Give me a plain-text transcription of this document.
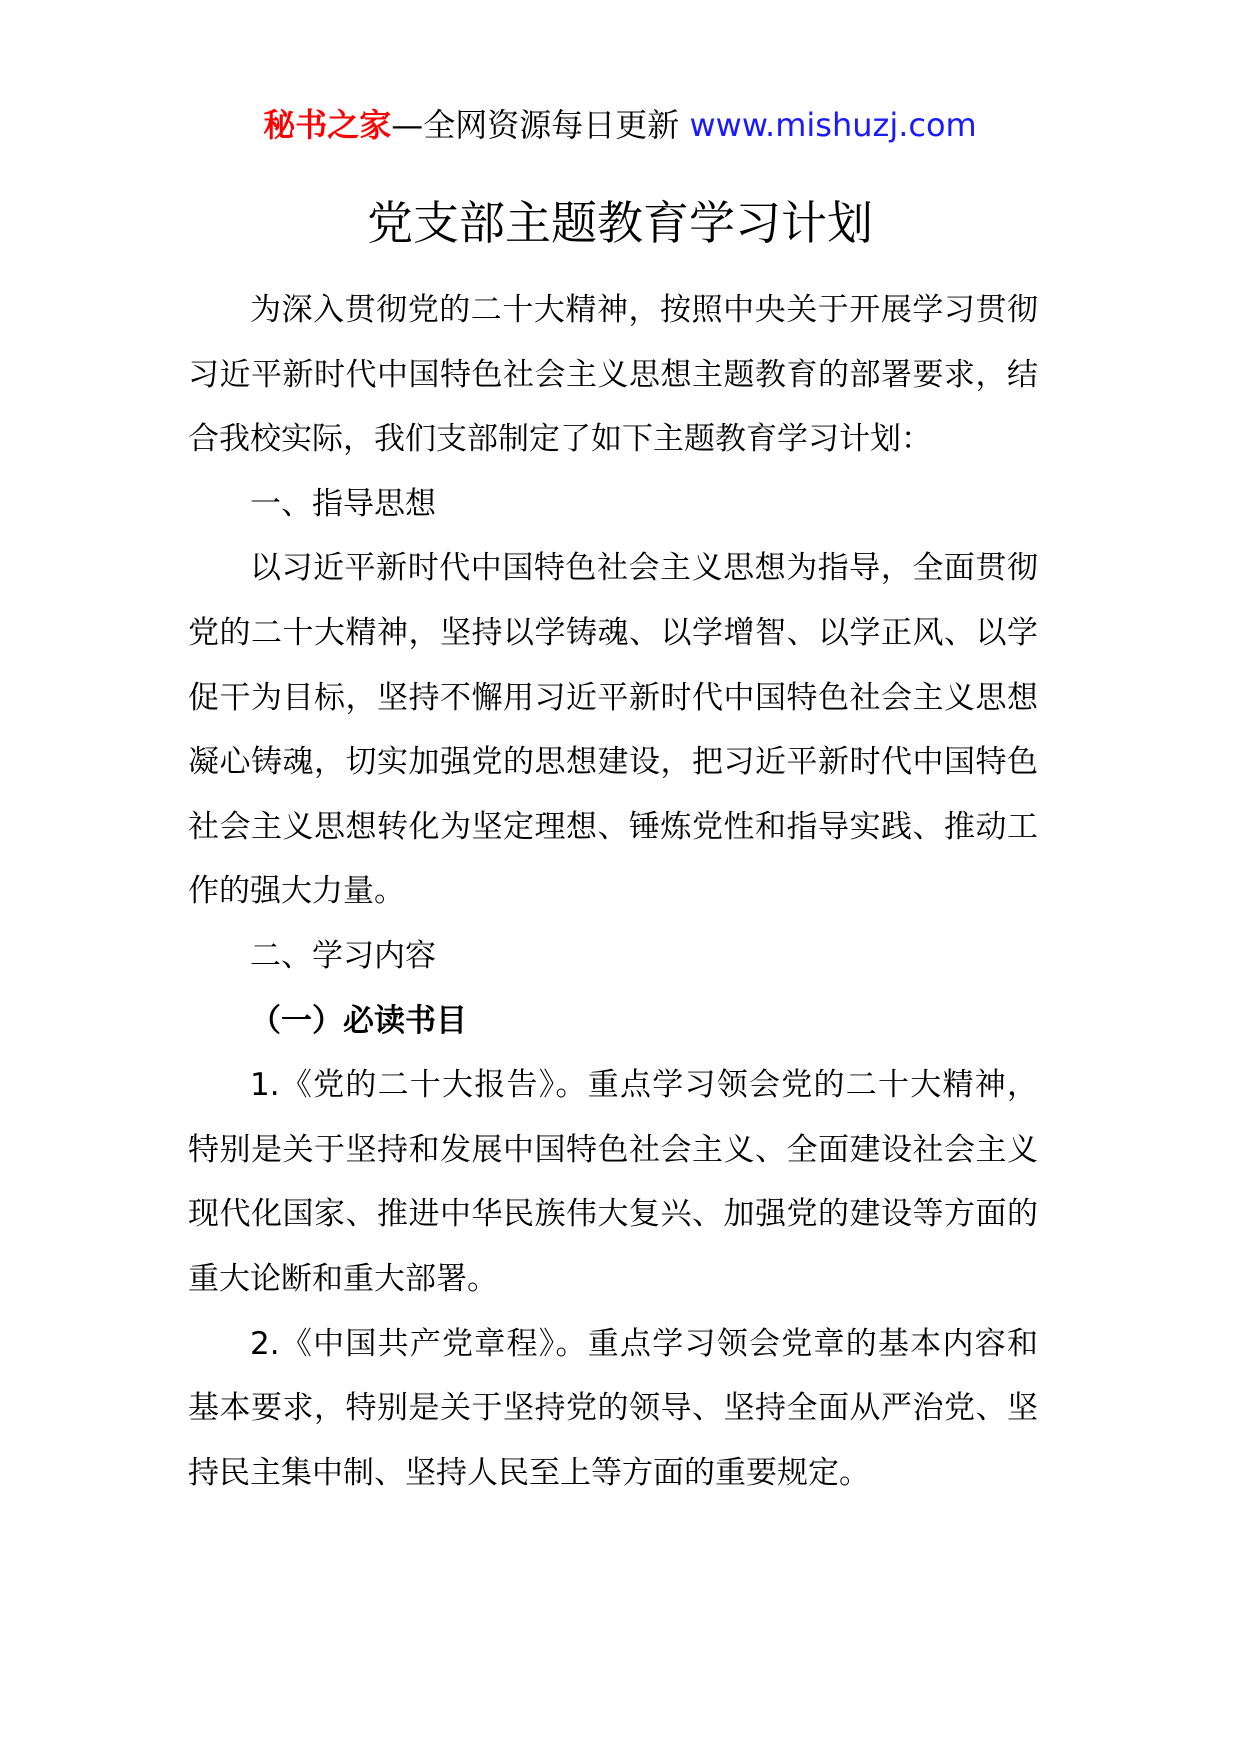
秘书之家—全网资源每日更新 www.mishuzj.com
党支部主题教育学习计划

为深入贯彻党的二十大精神，按照中央关于开展学习贯彻习近平新时代中国特色社会主义思想主题教育的部署要求，结合我校实际，我们支部制定了如下主题教育学习计划：

一、指导思想

以习近平新时代中国特色社会主义思想为指导，全面贯彻党的二十大精神，坚持以学铸魂、以学增智、以学正风、以学促干为目标，坚持不懈用习近平新时代中国特色社会主义思想凝心铸魂，切实加强党的思想建设，把习近平新时代中国特色社会主义思想转化为坚定理想、锤炼党性和指导实践、推动工作的强大力量。

二、学习内容

（一）必读书目

1.《党的二十大报告》。重点学习领会党的二十大精神，特别是关于坚持和发展中国特色社会主义、全面建设社会主义现代化国家、推进中华民族伟大复兴、加强党的建设等方面的重大论断和重大部署。

2.《中国共产党章程》。重点学习领会党章的基本内容和基本要求，特别是关于坚持党的领导、坚持全面从严治党、坚持民主集中制、坚持人民至上等方面的重要规定。
